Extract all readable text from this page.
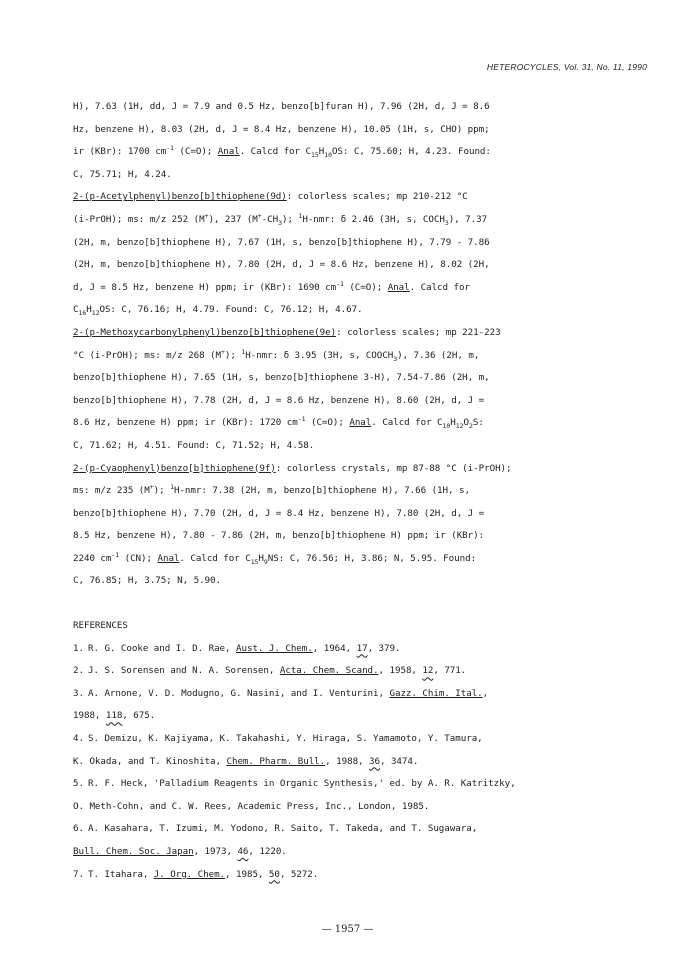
HETEROCYCLES, Vol. 31, No. 11, 1990

H), 7.63 (1H, dd, J = 7.9 and 0.5 Hz, benzo[b]furan H), 7.96 (2H, d, J = 8.6

Hz, benzene H), 8.03 (2H, d, J = 8.4 Hz, benzene H), 10.05 (1H, s, CHO) ppm;

ir (KBr): 1700 $cm^{-1}$ (C=O); Anal. Calcd for $C_{15}H_{10}OS$: C, 75.60; H, 4.23. Found:

C, 75.71; H, 4.24.

2-(p-Acetylphenyl)benzo[b]thiophene(9d): colorless scales; mp 210-212 °C

(i-PrOH); ms: m/z 252 (M+), 237 $(M^+-CH_3)$; $^1$H-nmr: δ 2.46 (3H, s, $COCH_3$), 7.37

(2H, m, benzo[b]thiophene H), 7.67 (1H, s, benzo[b]thiophene H), 7.79 - 7.86

(2H, m, benzo[b]thiophene H), 7.80 (2H, d, J = 8.6 Hz, benzene H), 8.02 (2H,

d, J = 8.5 Hz, benzene H) ppm; ir (KBr): 1690 $cm^{-1}$ (C=O); Anal. Calcd for

$C_{16}H_{12}OS$: C, 76.16; H, 4.79. Found: C, 76.12; H, 4.67.

2-(p-Methoxycarbonylphenyl)benzo[b]thiophene(9e): colorless scales; mp 221-223

°C (i-PrOH); ms: m/z 268 (M+); $^1$H-nmr: δ 3.95 (3H, s, $COOCH_3$), 7.36 (2H, m,

benzo[b]thiophene H), 7.65 (1H, s, benzo[b]thiophene 3-H), 7.54-7.86 (2H, m,

benzo[b]thiophene H), 7.78 (2H, d, J = 8.6 Hz, benzene H), 8.60 (2H, d, J =

8.6 Hz, benzene H) ppm; ir (KBr): 1720 $cm^{-1}$ (C=O); Anal. Calcd for $C_{10}H_{12}O_2S$:

C, 71.62; H, 4.51. Found: C, 71.52; H, 4.58.

2-(p-Cyaophenyl)benzo[b]thiophene(9f): colorless crystals, mp 87-88 °C (i-PrOH);

ms: m/z 235 (M+); $^1$H-nmr: 7.38 (2H, m, benzo[b]thiophene H), 7.66 (1H, s,

benzo[b]thiophene H), 7.70 (2H, d, J = 8.4 Hz, benzene H), 7.80 (2H, d, J =

8.5 Hz, benzene H), 7.80 - 7.86 (2H, m, benzo[b]thiophene H) ppm; ir (KBr):

2240 $cm^{-1}$ (CN); Anal. Calcd for $C_{15}H_9NS$: C, 76.56; H, 3.86; N, 5.95. Found:

C, 76.85; H, 3.75; N, 5.90.

REFERENCES

1. R. G. Cooke and I. D. Rae, Aust. J. Chem., 1964, 17, 379.

2. J. S. Sorensen and N. A. Sorensen, Acta. Chem. Scand., 1958, 12, 771.

3. A. Arnone, V. D. Modugno, G. Nasini, and I. Venturini, Gazz. Chim. Ital.,

1988, 118, 675.

4. S. Demizu, K. Kajiyama, K. Takahashi, Y. Hiraga, S. Yamamoto, Y. Tamura,

K. Okada, and T. Kinoshita, Chem. Pharm. Bull., 1988, 36, 3474.

5. R. F. Heck, 'Palladium Reagents in Organic Synthesis,' ed. by A. R. Katritzky,

O. Meth-Cohn, and C. W. Rees, Academic Press, Inc., London, 1985.

6. A. Kasahara, T. Izumi, M. Yodono, R. Saito, T. Takeda, and T. Sugawara,

Bull. Chem. Soc. Japan, 1973, 46, 1220.

7. T. Itahara, J. Org. Chem., 1985, 50, 5272.

— 1957 —
